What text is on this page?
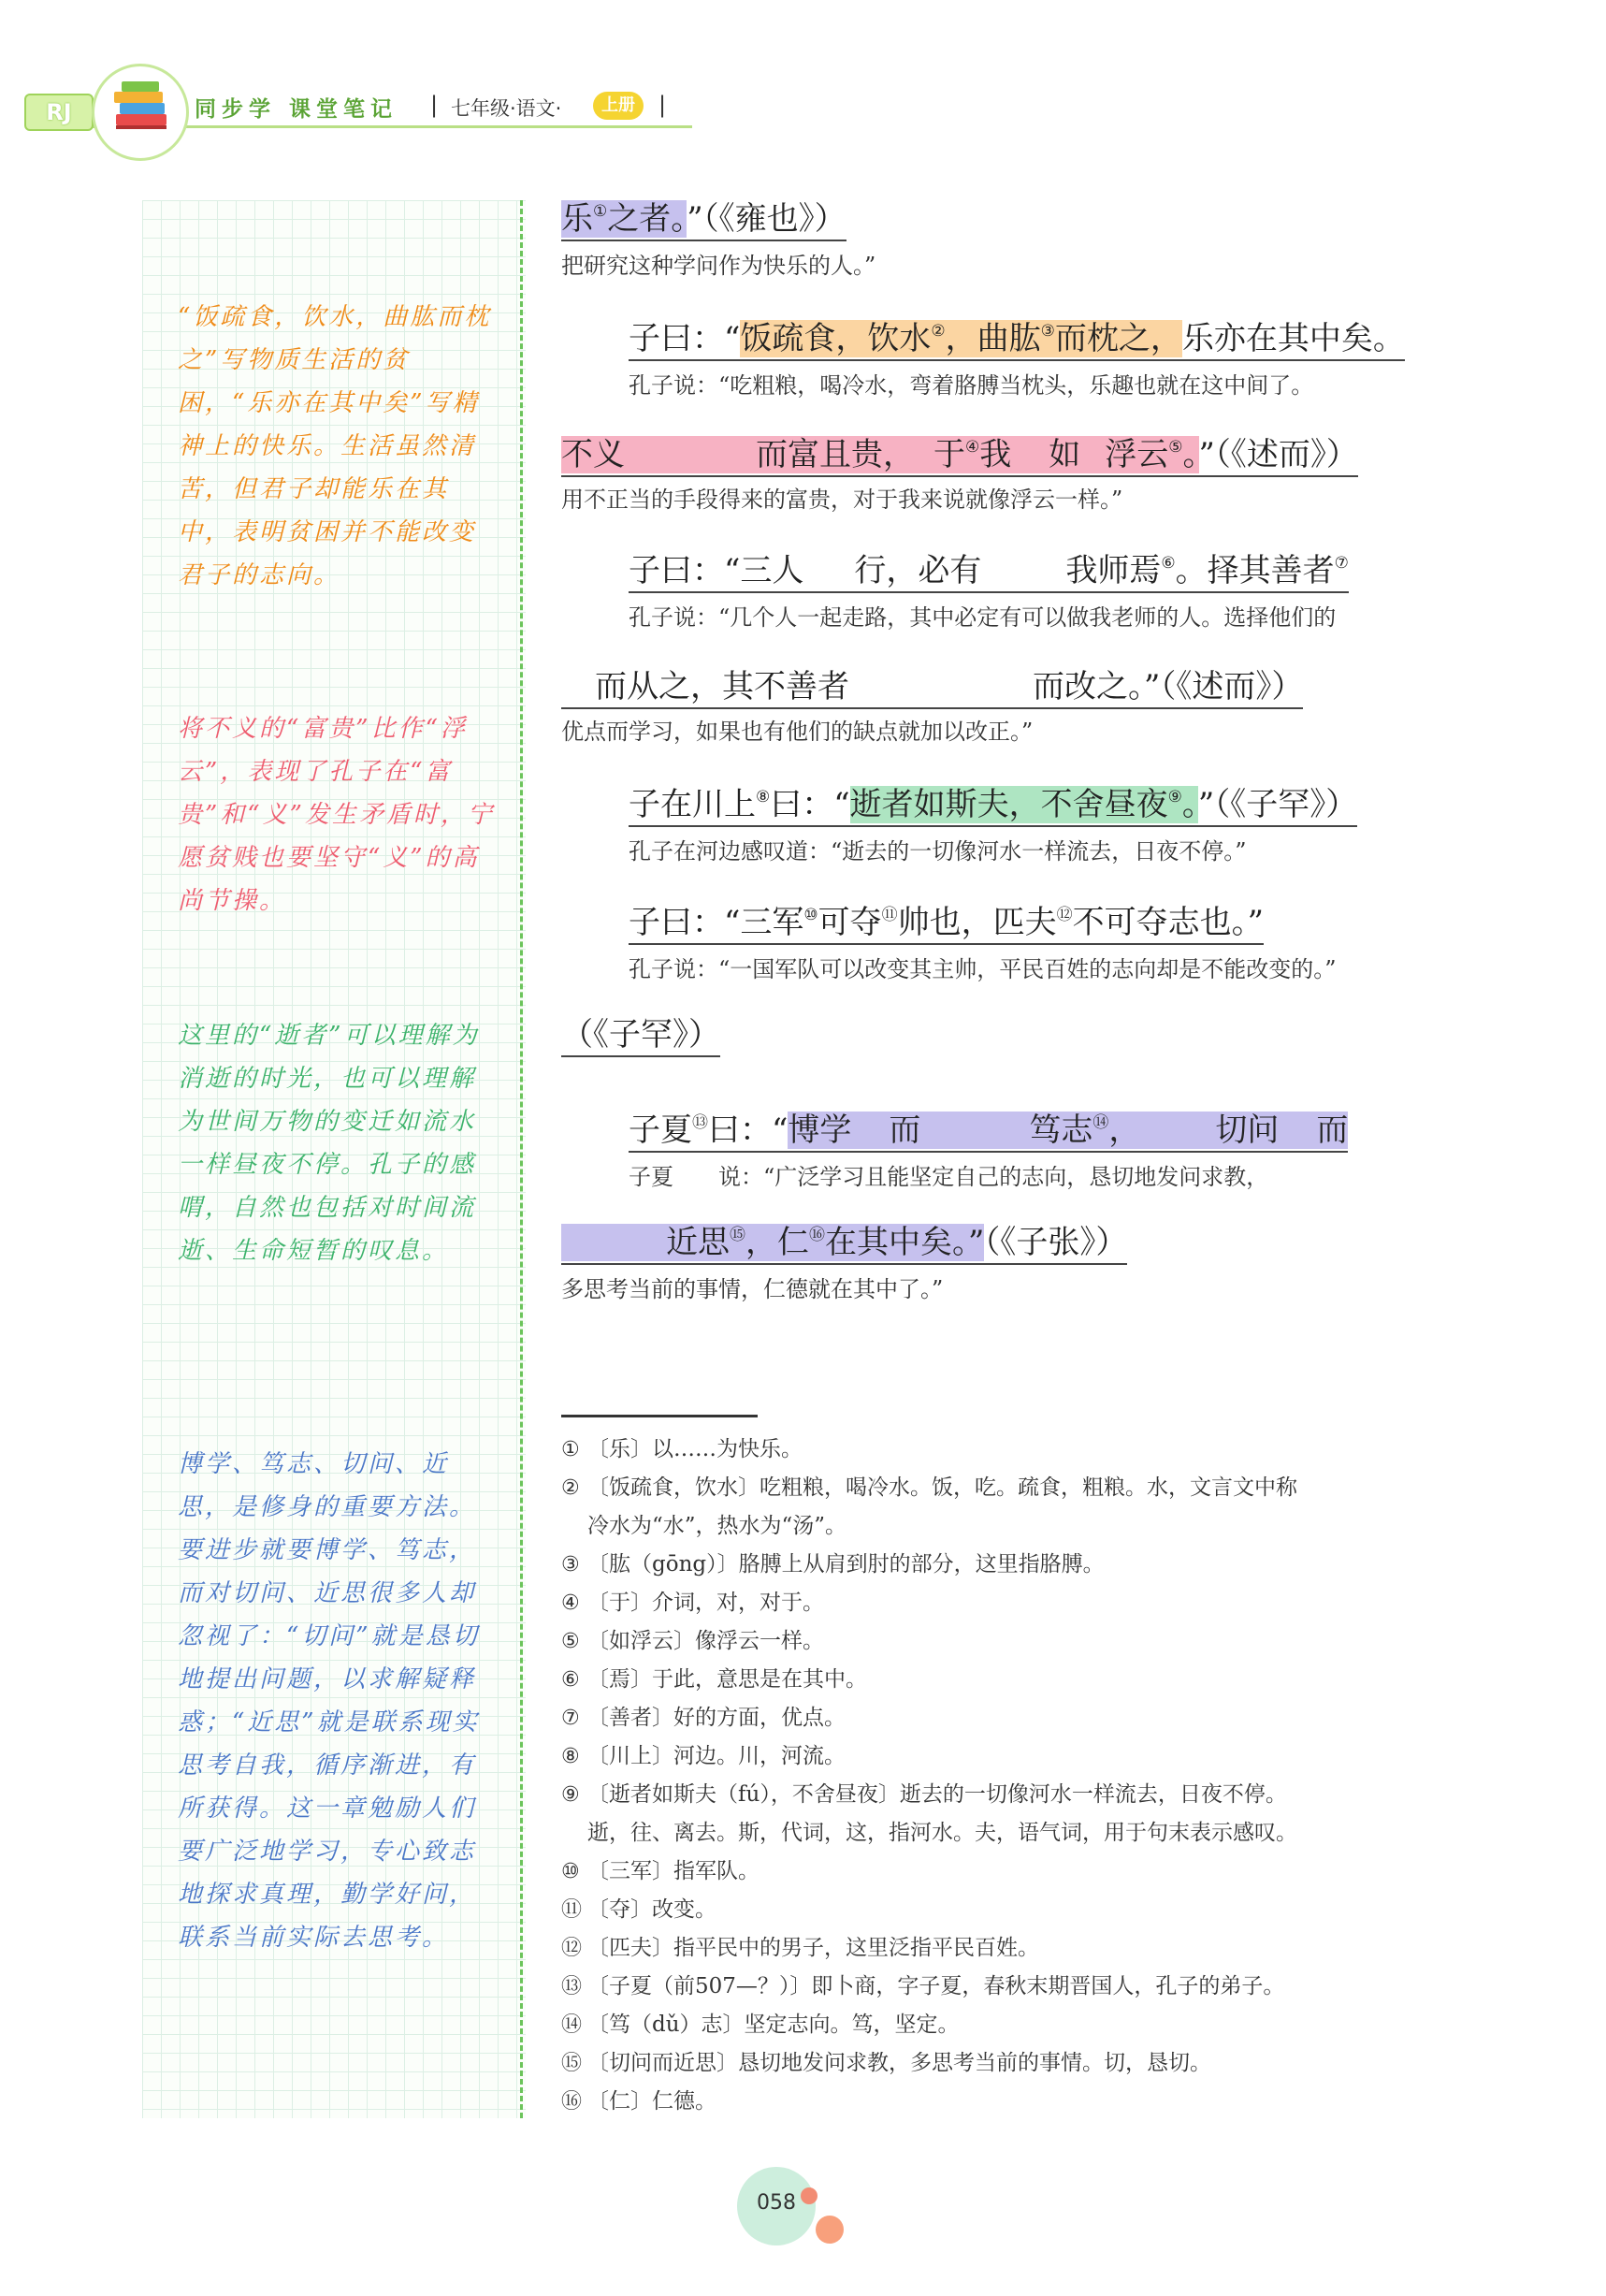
RJ	同步学 课堂笔记 | 七年级·语文·	上册	|
“饭疏食，饮水，曲肱而枕之”写物质生活的贫困，“乐亦在其中矣”写精神上的快乐。生活虽然清苦，但君子却能乐在其中，表明贫困并不能改变君子的志向。
将不义的“富贵”比作“浮云”，表现了孔子在“富贵”和“义”发生矛盾时，宁愿贫贱也要坚守“义”的高尚节操。
这里的“逝者”可以理解为消逝的时光，也可以理解为世间万物的变迁如流水一样昼夜不停。孔子的感喟，自然也包括对时间流逝、生命短暂的叹息。
博学、笃志、切问、近思，是修身的重要方法。要进步就要博学、笃志，而对切问、近思很多人却忽视了：“切问”就是恳切地提出问题，以求解疑释惑；“近思”就是联系现实思考自我，循序渐进，有所获得。这一章勉励人们要广泛地学习，专心致志地探求真理，勤学好问，联系当前实际去思考。
乐①之者。”（《雍也》）
把研究这种学问作为快乐的人。”
子曰：“饭疏食，饮水②，曲肱③而枕之，乐亦在其中矣。
孔子说：“吃粗粮，喝冷水，弯着胳膊当枕头，乐趣也就在这中间了。
不义	而富且贵， 于④我 如 浮云⑤。”（《述而》）
用不正当的手段得来的富贵，对于我来说就像浮云一样。”
子曰：“三人 行，必有	我师焉⑥。择其善者⑦
孔子说：“几个人一起走路，其中必定有可以做我老师的人。选择他们的
而从之，其不善者	而改之。”（《述而》）
优点而学习，如果也有他们的缺点就加以改正。”
子在川上⑧曰：“逝者如斯夫，不舍昼夜⑨。”（《子罕》）
孔子在河边感叹道：“逝去的一切像河水一样流去，日夜不停。”
子曰：“三军⑩可夺⑪帅也，匹夫⑫不可夺志也。”
孔子说：“一国军队可以改变其主帅，平民百姓的志向却是不能改变的。”
（《子罕》）
子夏⑬曰：“博学 而	笃志⑭， 切问 而
子夏 说：“广泛学习且能坚定自己的志向，恳切地发问求教，
近思⑮，仁⑯在其中矣。”（《子张》）
多思考当前的事情，仁德就在其中了。”
① 〔乐〕以……为快乐。
② 〔饭疏食，饮水〕吃粗粮，喝冷水。饭，吃。疏食，粗粮。水，文言文中称
冷水为“水”，热水为“汤”。
③ 〔肱（gōng）〕胳膊上从肩到肘的部分，这里指胳膊。
④ 〔于〕介词，对，对于。
⑤ 〔如浮云〕像浮云一样。
⑥ 〔焉〕于此，意思是在其中。
⑦ 〔善者〕好的方面，优点。
⑧ 〔川上〕河边。川，河流。
⑨ 〔逝者如斯夫（fú），不舍昼夜〕逝去的一切像河水一样流去，日夜不停。
逝，往、离去。斯，代词，这，指河水。夫，语气词，用于句末表示感叹。
⑩ 〔三军〕指军队。
⑪ 〔夺〕改变。
⑫ 〔匹夫〕指平民中的男子，这里泛指平民百姓。
⑬ 〔子夏（前507—？）〕即卜商，字子夏，春秋末期晋国人，孔子的弟子。
⑭ 〔笃（dǔ）志〕坚定志向。笃，坚定。
⑮ 〔切问而近思〕恳切地发问求教，多思考当前的事情。切，恳切。
⑯ 〔仁〕仁德。
058
